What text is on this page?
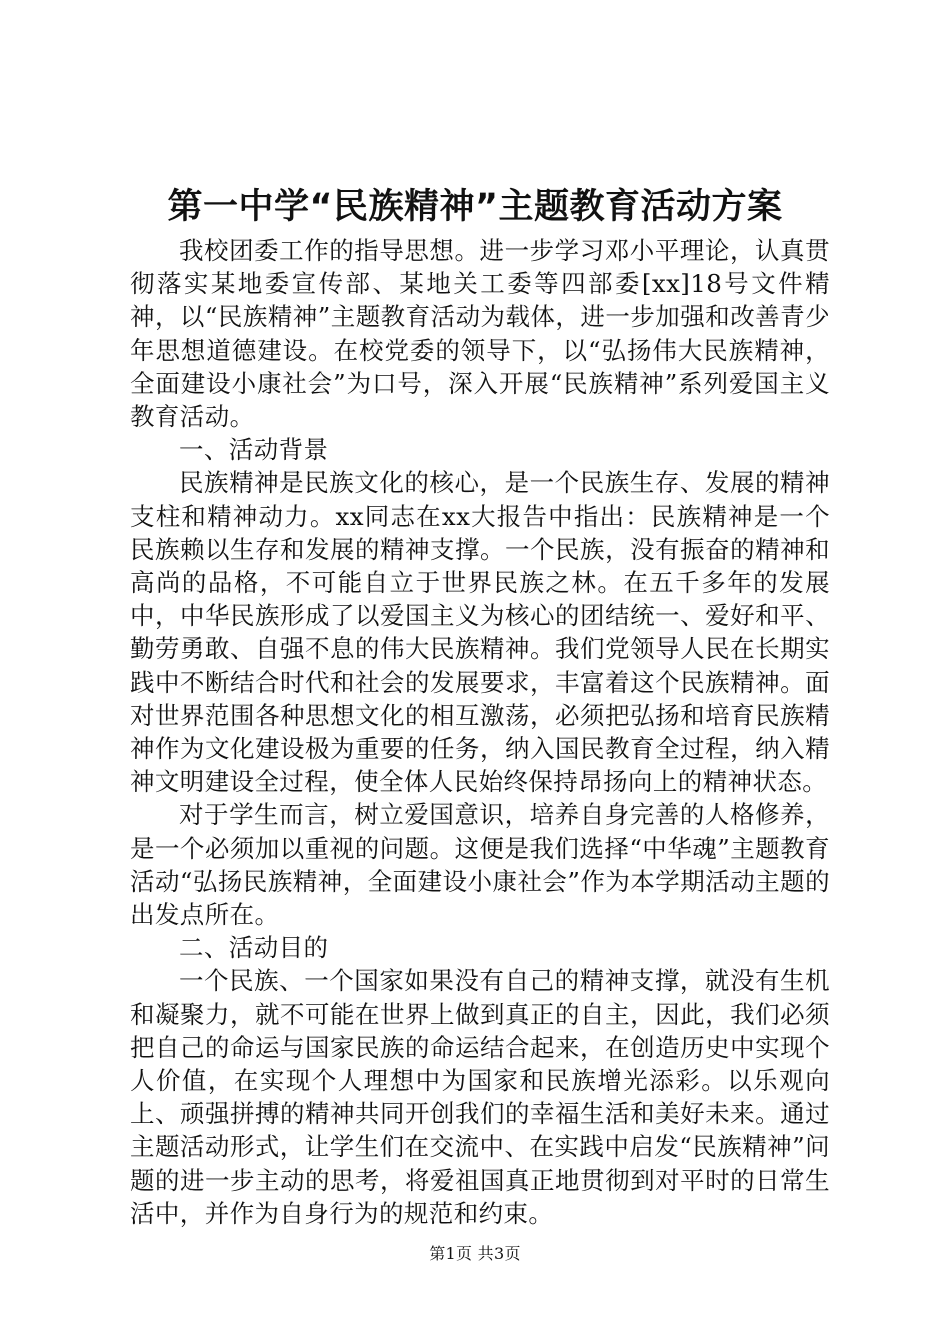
第一中学“民族精神”主题教育活动方案

我校团委工作的指导思想。进一步学习邓小平理论，认真贯彻落实某地委宣传部、某地关工委等四部委[xx]18号文件精神，以“民族精神”主题教育活动为载体，进一步加强和改善青少年思想道德建设。在校党委的领导下，以“弘扬伟大民族精神，全面建设小康社会”为口号，深入开展“民族精神”系列爱国主义教育活动。

一、活动背景

民族精神是民族文化的核心，是一个民族生存、发展的精神支柱和精神动力。xx同志在xx大报告中指出：民族精神是一个民族赖以生存和发展的精神支撑。一个民族，没有振奋的精神和高尚的品格，不可能自立于世界民族之林。在五千多年的发展中，中华民族形成了以爱国主义为核心的团结统一、爱好和平、勤劳勇敢、自强不息的伟大民族精神。我们党领导人民在长期实践中不断结合时代和社会的发展要求，丰富着这个民族精神。面对世界范围各种思想文化的相互激荡，必须把弘扬和培育民族精神作为文化建设极为重要的任务，纳入国民教育全过程，纳入精神文明建设全过程，使全体人民始终保持昂扬向上的精神状态。

对于学生而言，树立爱国意识，培养自身完善的人格修养，是一个必须加以重视的问题。这便是我们选择“中华魂”主题教育活动“弘扬民族精神，全面建设小康社会”作为本学期活动主题的出发点所在。

二、活动目的

一个民族、一个国家如果没有自己的精神支撑，就没有生机和凝聚力，就不可能在世界上做到真正的自主，因此，我们必须把自己的命运与国家民族的命运结合起来，在创造历史中实现个人价值，在实现个人理想中为国家和民族增光添彩。以乐观向上、顽强拼搏的精神共同开创我们的幸福生活和美好未来。通过主题活动形式，让学生们在交流中、在实践中启发“民族精神”问题的进一步主动的思考，将爱祖国真正地贯彻到对平时的日常生活中，并作为自身行为的规范和约束。

第1页 共3页
